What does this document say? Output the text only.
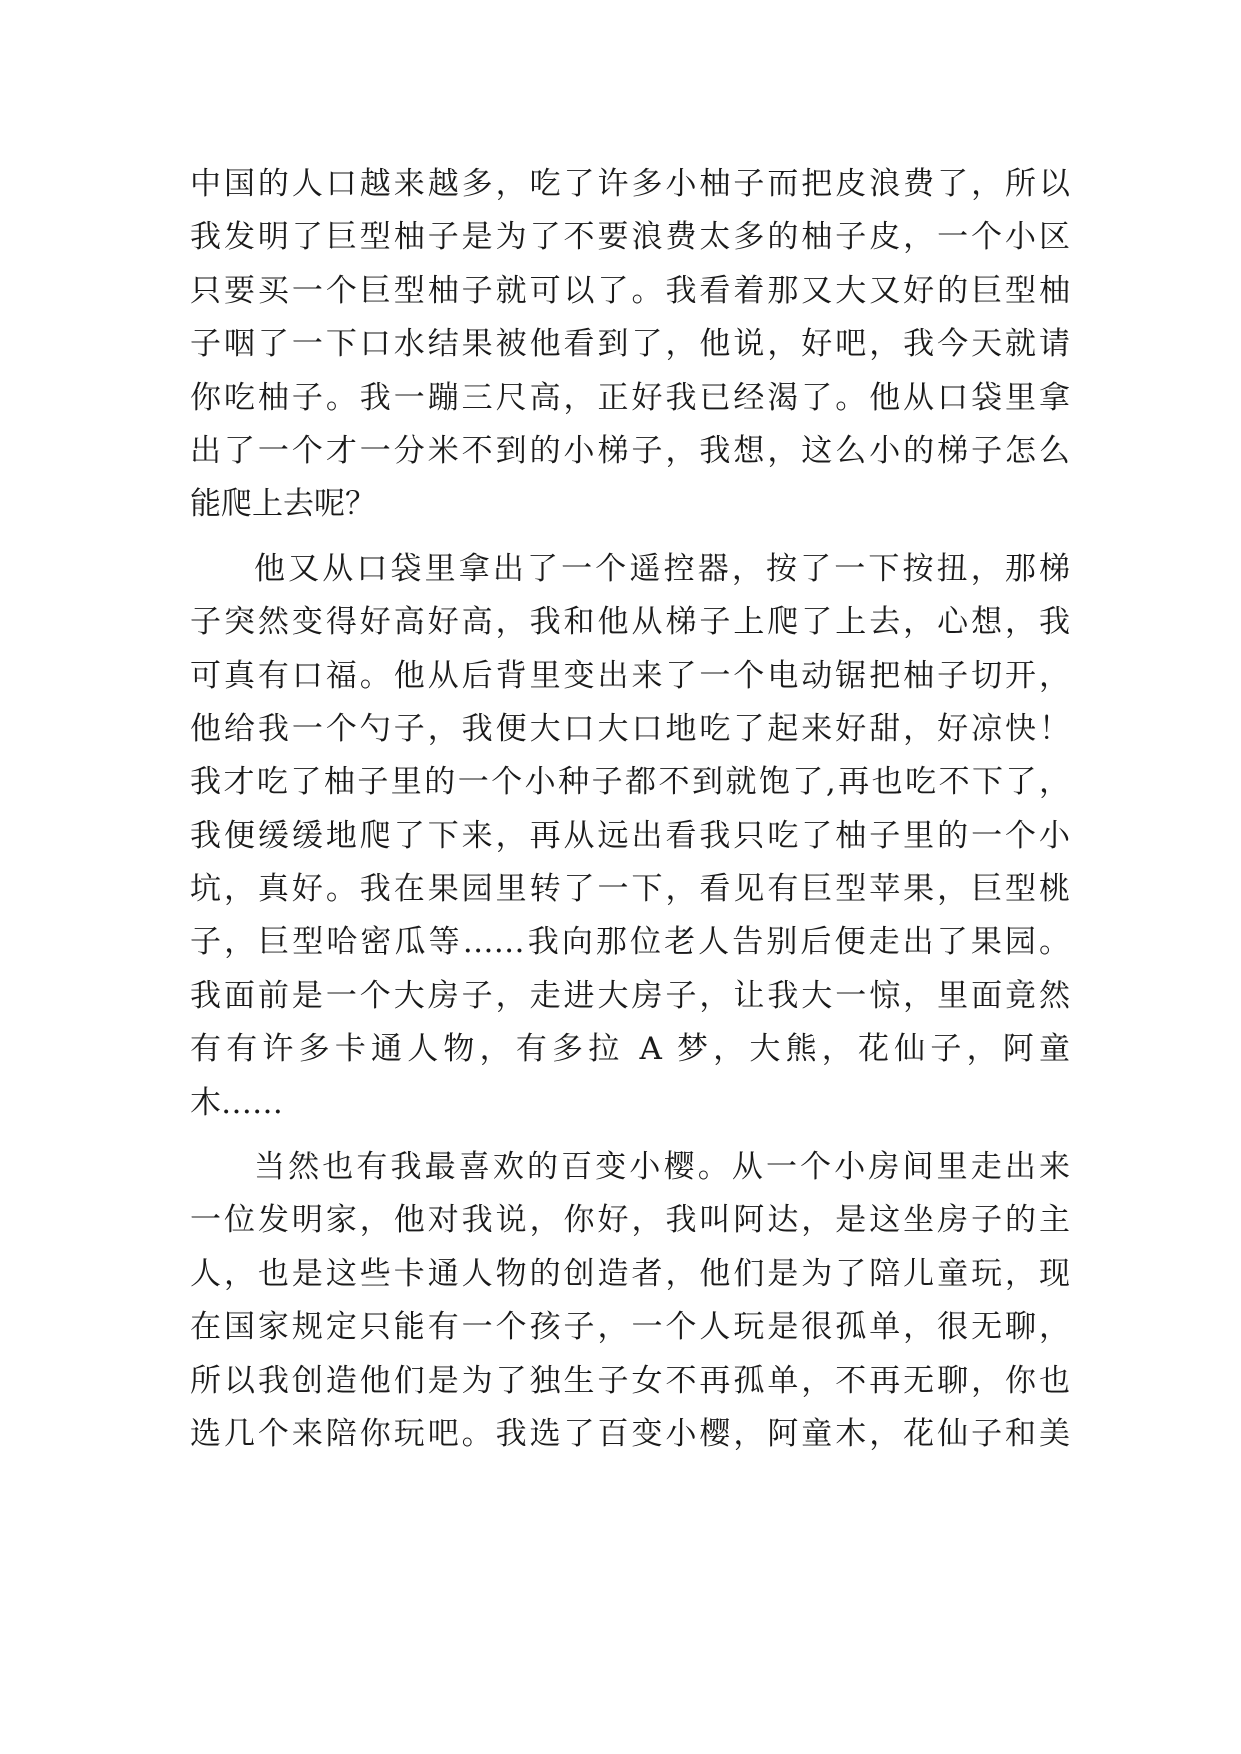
中国的人口越来越多，吃了许多小柚子而把皮浪费了，所以
我发明了巨型柚子是为了不要浪费太多的柚子皮，一个小区
只要买一个巨型柚子就可以了。我看着那又大又好的巨型柚
子咽了一下口水结果被他看到了，他说，好吧，我今天就请
你吃柚子。我一蹦三尺高，正好我已经渴了。他从口袋里拿
出了一个才一分米不到的小梯子，我想，这么小的梯子怎么
能爬上去呢？
他又从口袋里拿出了一个遥控器，按了一下按扭，那梯
子突然变得好高好高，我和他从梯子上爬了上去，心想，我
可真有口福。他从后背里变出来了一个电动锯把柚子切开，
他给我一个勺子，我便大口大口地吃了起来好甜，好凉快！
我才吃了柚子里的一个小种子都不到就饱了,再也吃不下了，
我便缓缓地爬了下来，再从远出看我只吃了柚子里的一个小
坑，真好。我在果园里转了一下，看见有巨型苹果，巨型桃
子，巨型哈密瓜等……我向那位老人告别后便走出了果园。
我面前是一个大房子，走进大房子，让我大一惊，里面竟然
有有许多卡通人物，有多拉 A 梦，大熊，花仙子，阿童
木……
当然也有我最喜欢的百变小樱。从一个小房间里走出来
一位发明家，他对我说，你好，我叫阿达，是这坐房子的主
人，也是这些卡通人物的创造者，他们是为了陪儿童玩，现
在国家规定只能有一个孩子，一个人玩是很孤单，很无聊，
所以我创造他们是为了独生子女不再孤单，不再无聊，你也
选几个来陪你玩吧。我选了百变小樱，阿童木，花仙子和美
